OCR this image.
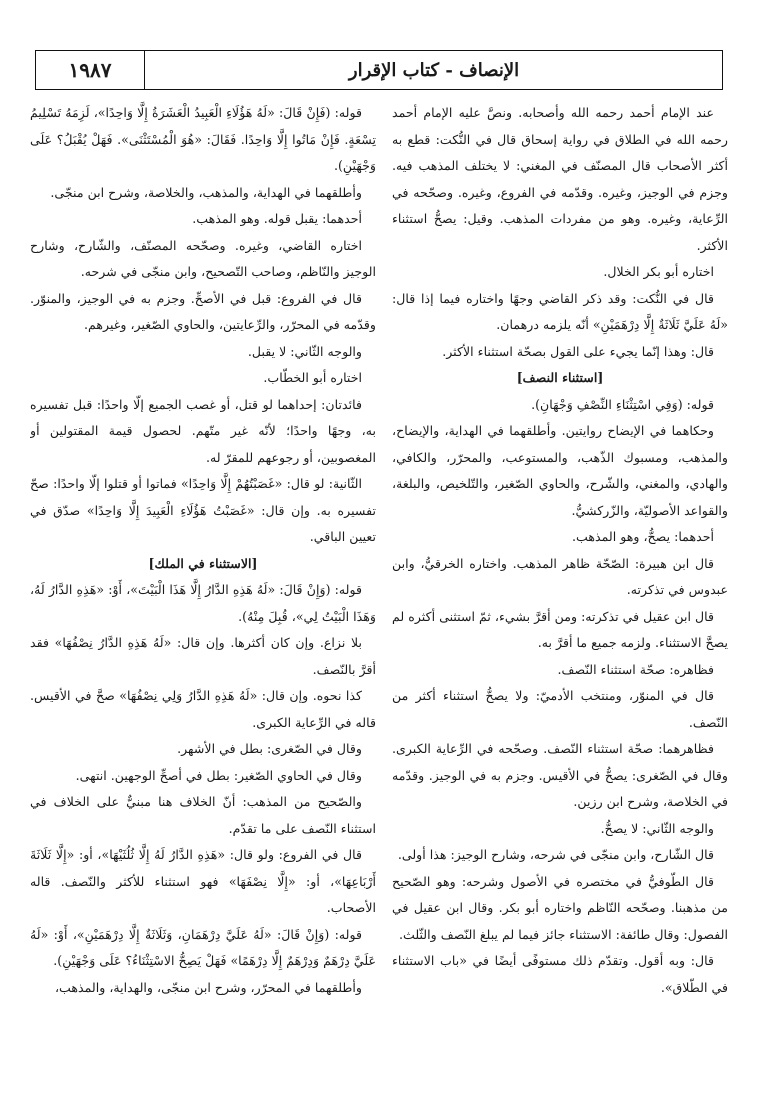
الإنصاف - كتاب الإقرار
١٩٨٧

عند الإمام أحمد رحمه الله وأصحابه. ونصَّ عليه الإمام أحمد رحمه الله في الطلاق في رواية إسحاق قال في النُّكت: قطع به أكثر الأصحاب قال المصنّف في المغني: لا يختلف المذهب فيه. وجزم في الوجيز، وغيره. وقدّمه في الفروع، وغيره. وصحّحه في الرِّعاية، وغيره. وهو من مفردات المذهب. وقيل: يصحُّ استثناء الأكثر.

اختاره أبو بكر الخلال.

قال في النُّكت: وقد ذكر القاضي وجهًا واختاره فيما إذا قال: «لَهُ عَلَيَّ ثَلَاثَةٌ إِلَّا دِرْهَمَيْنِ» أنّه يلزمه درهمان.

قال: وهذا إنّما يجيء على القول بصحّة استثناء الأكثر.

[استثناء النصف]

قوله: (وَفِي اسْتِثْنَاءِ النِّصْفِ وَجْهَانِ).

وحكاهما في الإيضاح روايتين. وأطلقهما في الهداية، والإيضاح، والمذهب، ومسبوك الذّهب، والمستوعب، والمحرّر، والكافي، والهادي، والمغني، والشّرح، والحاوي الصّغير، والتّلخيص، والبلغة، والقواعد الأصوليّة، والزّركشيُّ.

أحدهما: يصحُّ، وهو المذهب.

قال ابن هبيرة: الصّحّة ظاهر المذهب. واختاره الخرقيُّ، وابن عبدوس في تذكرته.

قال ابن عقيل في تذكرته: ومن أقرَّ بشيء، ثمّ استثنى أكثره لم يصحَّ الاستثناء. ولزمه جميع ما أقرَّ به.

فظاهره: صحّة استثناء النّصف.

قال في المنوّر، ومنتخب الأدميّ: ولا يصحُّ استثناء أكثر من النّصف.

فظاهرهما: صحّة استثناء النّصف. وصحّحه في الرِّعاية الكبرى. وقال في الصّغرى: يصحُّ في الأقيس. وجزم به في الوجيز. وقدّمه في الخلاصة، وشرح ابن رزين.

والوجه الثّاني: لا يصحُّ.

قال الشّارح، وابن منجّى في شرحه، وشارح الوجيز: هذا أولى.

قال الطّوفيُّ في مختصره في الأصول وشرحه: وهو الصّحيح من مذهبنا. وصحّحه النّاظم واختاره أبو بكر. وقال ابن عقيل في الفصول: وقال طائفة: الاستثناء جائز فيما لم يبلغ النّصف والثّلث.

قال: وبه أقول. وتقدّم ذلك مستوفًى أيضًا في «باب الاستثناء في الطّلاق».

قوله: (فَإِنْ قَالَ: «لَهُ هَؤُلَاءِ الْعَبِيدُ الْعَشَرَةُ إِلَّا وَاحِدًا»، لَزِمَهُ تَسْلِيمُ تِسْعَةٍ. فَإِنْ مَاتُوا إِلَّا وَاحِدًا. فَقَالَ: «هُوَ الْمُسْتَثْنَى». فَهَلْ يُقْبَلُ؟ عَلَى وَجْهَيْنِ).

وأطلقهما في الهداية، والمذهب، والخلاصة، وشرح ابن منجّى.

أحدهما: يقبل قوله. وهو المذهب.

اختاره القاضي، وغيره. وصحّحه المصنّف، والشّارح، وشارح الوجيز والنّاظم، وصاحب التّصحيح، وابن منجّى في شرحه.

قال في الفروع: قبل في الأصحِّ. وجزم به في الوجيز، والمنوّر. وقدّمه في المحرّر، والرِّعايتين، والحاوي الصّغير، وغيرهم.

والوجه الثّاني: لا يقبل.

اختاره أبو الخطّاب.

فائدتان: إحداهما لو قتل، أو غصب الجميع إلّا واحدًا: قبل تفسيره به، وجهًا واحدًا؛ لأنّه غير متّهم. لحصول قيمة المقتولين أو المغصوبين، أو رجوعهم للمقرّ له.

الثّانية: لو قال: «غَصَبْتُهُمْ إِلَّا وَاحِدًا» فماتوا أو قتلوا إلّا واحدًا: صحّ تفسيره به. وإن قال: «غَصَبْتُ هَؤُلَاءِ الْعَبِيدَ إِلَّا وَاحِدًا» صدّق في تعيين الباقي.

[الاستثناء في الملك]

قوله: (وَإِنْ قَالَ: «لَهُ هَذِهِ الدَّارُ إِلَّا هَذَا الْبَيْتَ»، أَوْ: «هَذِهِ الدَّارُ لَهُ، وَهَذَا الْبَيْتُ لِي»، قُبِلَ مِنْهُ).

بلا نزاع. وإن كان أكثرها. وإن قال: «لَهُ هَذِهِ الدَّارُ نِصْفُهَا» فقد أقرَّ بالنّصف.

كذا نحوه. وإن قال: «لَهُ هَذِهِ الدَّارُ وَلِي نِصْفُهَا» صحَّ في الأقيس. قاله في الرِّعاية الكبرى.

وقال في الصّغرى: بطل في الأشهر.

وقال في الحاوي الصّغير: بطل في أصحِّ الوجهين. انتهى.

والصّحيح من المذهب: أنّ الخلاف هنا مبنيٌّ على الخلاف في استثناء النّصف على ما تقدّم.

قال في الفروع: ولو قال: «هَذِهِ الدَّارُ لَهُ إِلَّا ثُلُثَيْهَا»، أو: «إِلَّا ثَلَاثَةَ أَرْبَاعِهَا»، أو: «إِلَّا نِصْفَهَا» فهو استثناء للأكثر والنّصف. قاله الأصحاب.

قوله: (وَإِنْ قَالَ: «لَهُ عَلَيَّ دِرْهَمَانِ، وَثَلَاثَةٌ إِلَّا دِرْهَمَيْنِ»، أَوْ: «لَهُ عَلَيَّ دِرْهَمٌ وَدِرْهَمٌ إِلَّا دِرْهَمًا» فَهَلْ يَصِحُّ الاسْتِثْنَاءُ؟ عَلَى وَجْهَيْنِ).

وأطلقهما في المحرّر، وشرح ابن منجّى، والهداية، والمذهب،
